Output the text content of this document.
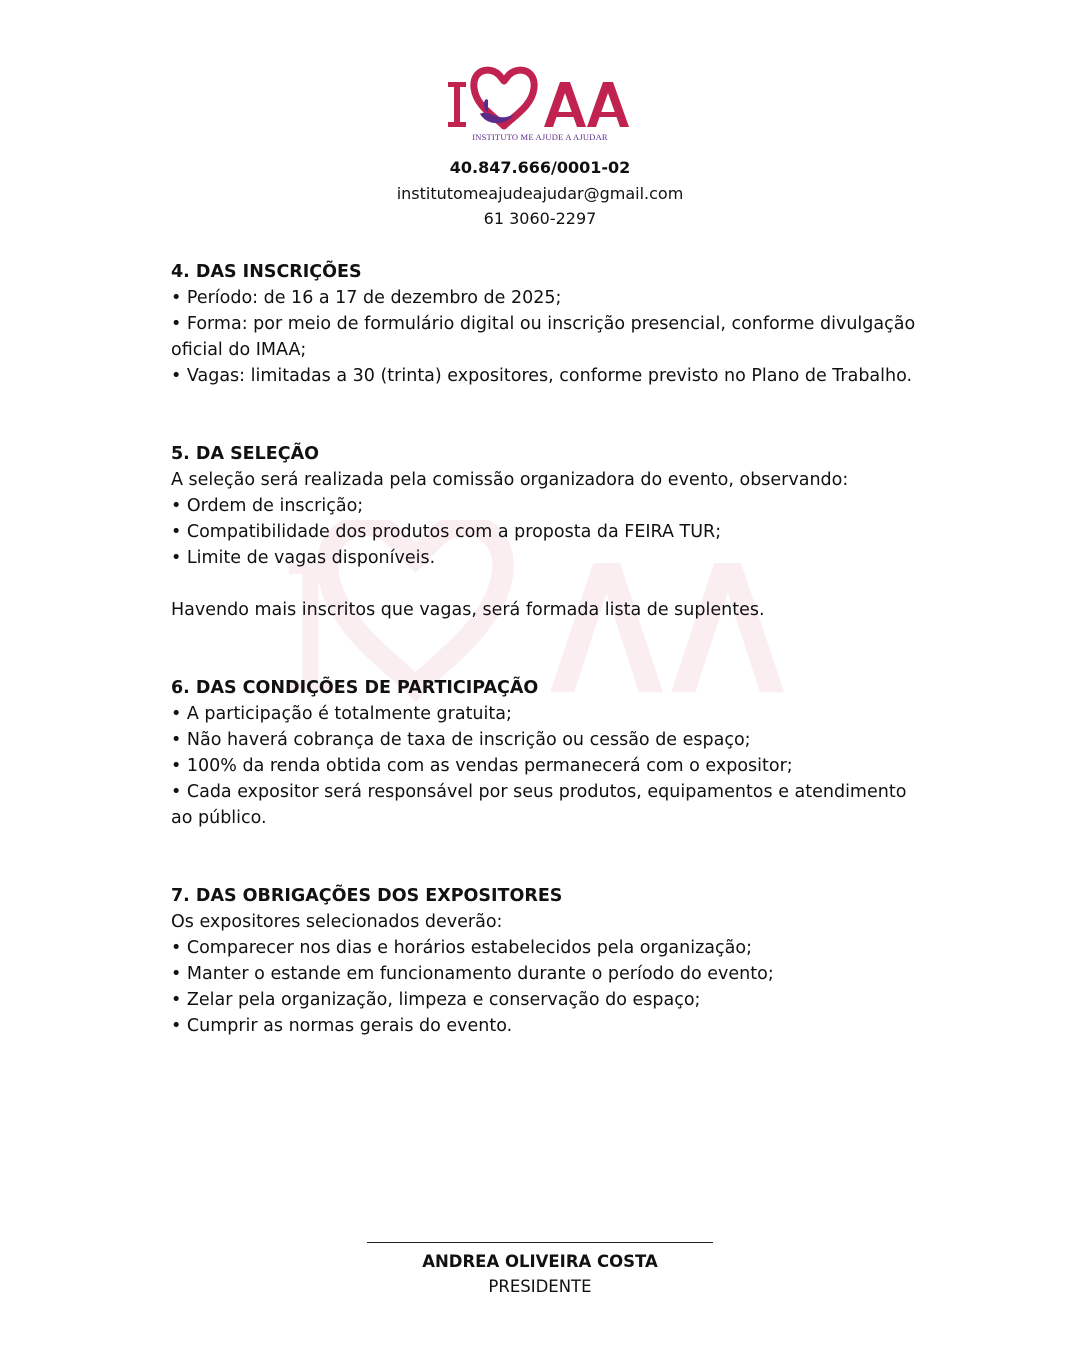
INSTITUTO ME AJUDE A AJUDAR
40.847.666/0001-02
institutomeajudeajudar@gmail.com
61 3060-2297
4. DAS INSCRIÇÕES

• Período: de 16 a 17 de dezembro de 2025;

• Forma: por meio de formulário digital ou inscrição presencial, conforme divulgação oficial do IMAA;

• Vagas: limitadas a 30 (trinta) expositores, conforme previsto no Plano de Trabalho.

5. DA SELEÇÃO

A seleção será realizada pela comissão organizadora do evento, observando:

• Ordem de inscrição;

• Compatibilidade dos produtos com a proposta da FEIRA TUR;

• Limite de vagas disponíveis.

Havendo mais inscritos que vagas, será formada lista de suplentes.

6. DAS CONDIÇÕES DE PARTICIPAÇÃO

• A participação é totalmente gratuita;

• Não haverá cobrança de taxa de inscrição ou cessão de espaço;

• 100% da renda obtida com as vendas permanecerá com o expositor;

• Cada expositor será responsável por seus produtos, equipamentos e atendimento ao público.

7. DAS OBRIGAÇÕES DOS EXPOSITORES

Os expositores selecionados deverão:

• Comparecer nos dias e horários estabelecidos pela organização;

• Manter o estande em funcionamento durante o período do evento;

• Zelar pela organização, limpeza e conservação do espaço;

• Cumprir as normas gerais do evento.

ANDREA OLIVEIRA COSTA
PRESIDENTE
